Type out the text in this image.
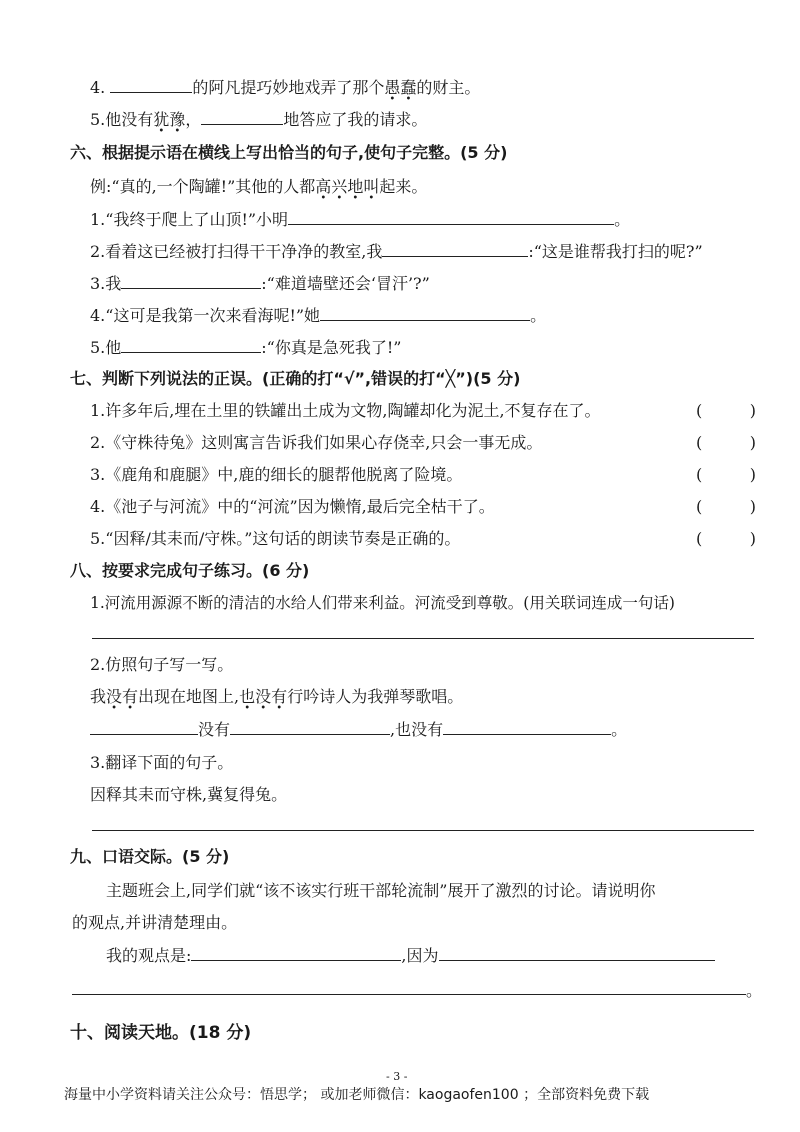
4.	的阿凡提巧妙地戏弄了那个愚蠢的财主。
5.他没有犹豫，	地答应了我的请求。
六、根据提示语在横线上写出恰当的句子,使句子完整。(5 分)
例:“真的,一个陶罐!”其他的人都高兴地叫起来。
1.“我终于爬上了山顶!”小明	。
2.看着这已经被打扫得干干净净的教室,我	:“这是谁帮我打扫的呢?”
3.我	:“难道墙壁还会‘冒汗’?”
4.“这可是我第一次来看海呢!”她	。
5.他	:“你真是急死我了!”
七、判断下列说法的正误。(正确的打“√”,错误的打“╳”)(5 分)
1.许多年后,埋在土里的铁罐出土成为文物,陶罐却化为泥土,不复存在了。	(	)
2.《守株待兔》这则寓言告诉我们如果心存侥幸,只会一事无成。	(	)
3.《鹿角和鹿腿》中,鹿的细长的腿帮他脱离了险境。	(	)
4.《池子与河流》中的“河流”因为懒惰,最后完全枯干了。	(	)
5.“因释/其耒而/守株。”这句话的朗读节奏是正确的。	(	)
八、按要求完成句子练习。(6 分)
1.河流用源源不断的清洁的水给人们带来利益。河流受到尊敬。(用关联词连成一句话)
2.仿照句子写一写。
我没有出现在地图上,也没有行吟诗人为我弹琴歌唱。
没有	,也没有	。
3.翻译下面的句子。
因释其耒而守株,冀复得兔。
九、口语交际。(5 分)
主题班会上,同学们就“该不该实行班干部轮流制”展开了激烈的讨论。请说明你
的观点,并讲清楚理由。
我的观点是:	,因为
。
十、阅读天地。(18 分)
- 3 -
海量中小学资料请关注公众号：悟思学； 或加老师微信：kaogaofen100 ；全部资料免费下载
